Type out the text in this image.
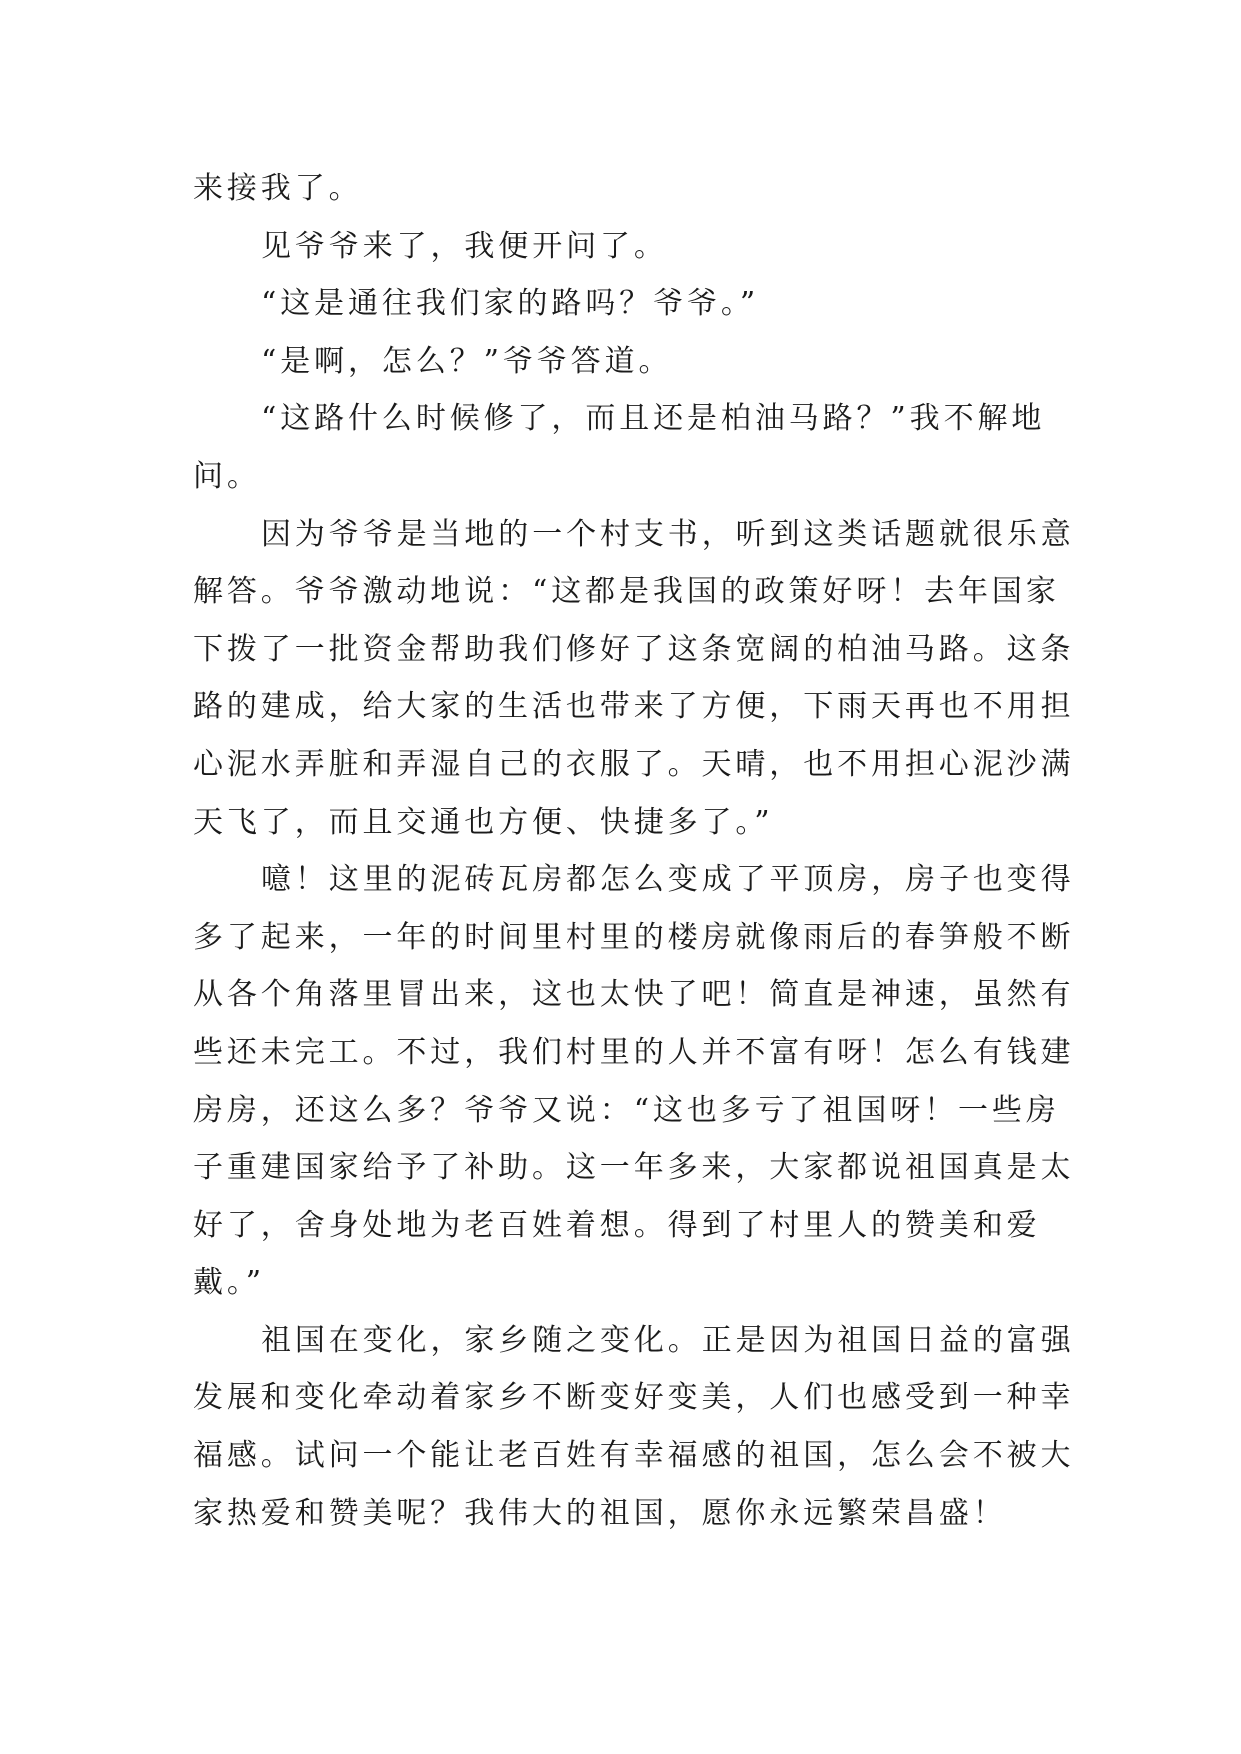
来接我了。
见爷爷来了，我便开问了。
“这是通往我们家的路吗？爷爷。”
“是啊，怎么？”爷爷答道。
“这路什么时候修了，而且还是柏油马路？”我不解地
问。
因为爷爷是当地的一个村支书，听到这类话题就很乐意
解答。爷爷激动地说：“这都是我国的政策好呀！去年国家
下拨了一批资金帮助我们修好了这条宽阔的柏油马路。这条
路的建成，给大家的生活也带来了方便，下雨天再也不用担
心泥水弄脏和弄湿自己的衣服了。天晴，也不用担心泥沙满
天飞了，而且交通也方便、快捷多了。”
噫！这里的泥砖瓦房都怎么变成了平顶房，房子也变得
多了起来，一年的时间里村里的楼房就像雨后的春笋般不断
从各个角落里冒出来，这也太快了吧！简直是神速，虽然有
些还未完工。不过，我们村里的人并不富有呀！怎么有钱建
房房，还这么多？爷爷又说：“这也多亏了祖国呀！一些房
子重建国家给予了补助。这一年多来，大家都说祖国真是太
好了，舍身处地为老百姓着想。得到了村里人的赞美和爱
戴。”
祖国在变化，家乡随之变化。正是因为祖国日益的富强
发展和变化牵动着家乡不断变好变美，人们也感受到一种幸
福感。试问一个能让老百姓有幸福感的祖国，怎么会不被大
家热爱和赞美呢？我伟大的祖国，愿你永远繁荣昌盛！
